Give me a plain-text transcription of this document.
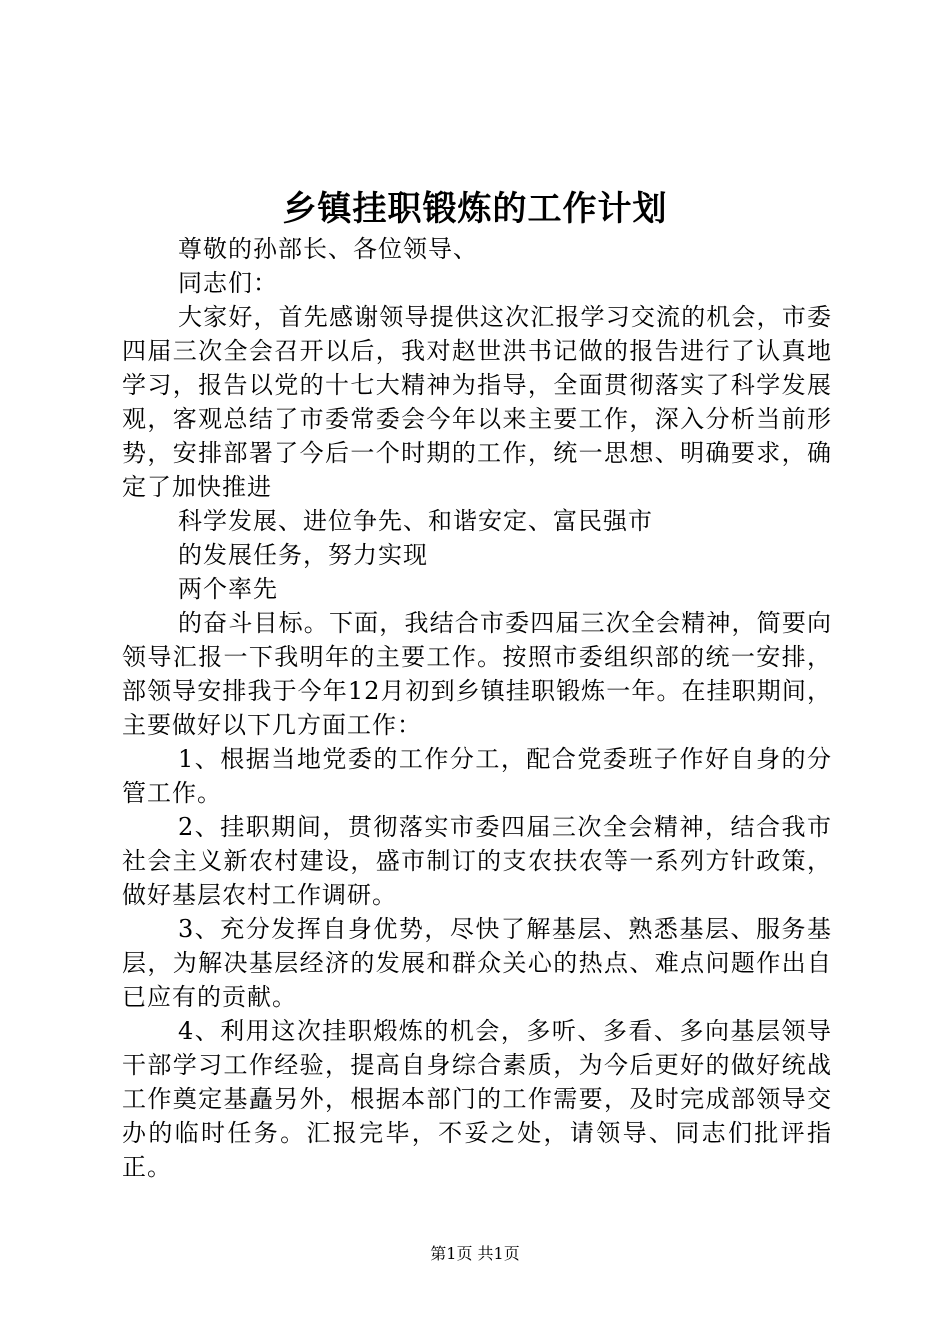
乡镇挂职锻炼的工作计划

尊敬的孙部长、各位领导、

同志们：

大家好，首先感谢领导提供这次汇报学习交流的机会，市委四届三次全会召开以后，我对赵世洪书记做的报告进行了认真地学习，报告以党的十七大精神为指导，全面贯彻落实了科学发展观，客观总结了市委常委会今年以来主要工作，深入分析当前形势，安排部署了今后一个时期的工作，统一思想、明确要求，确定了加快推进

科学发展、进位争先、和谐安定、富民强市

的发展任务，努力实现

两个率先

的奋斗目标。下面，我结合市委四届三次全会精神，简要向领导汇报一下我明年的主要工作。按照市委组织部的统一安排，部领导安排我于今年12月初到乡镇挂职锻炼一年。在挂职期间，主要做好以下几方面工作：

1、根据当地党委的工作分工，配合党委班子作好自身的分管工作。

2、挂职期间，贯彻落实市委四届三次全会精神，结合我市社会主义新农村建设，盛市制订的支农扶农等一系列方针政策，做好基层农村工作调研。

3、充分发挥自身优势，尽快了解基层、熟悉基层、服务基层，为解决基层经济的发展和群众关心的热点、难点问题作出自已应有的贡献。

4、利用这次挂职煅炼的机会，多听、多看、多向基层领导干部学习工作经验，提高自身综合素质，为今后更好的做好统战工作奠定基矗另外，根据本部门的工作需要，及时完成部领导交办的临时任务。汇报完毕，不妥之处，请领导、同志们批评指正。

第1页 共1页
